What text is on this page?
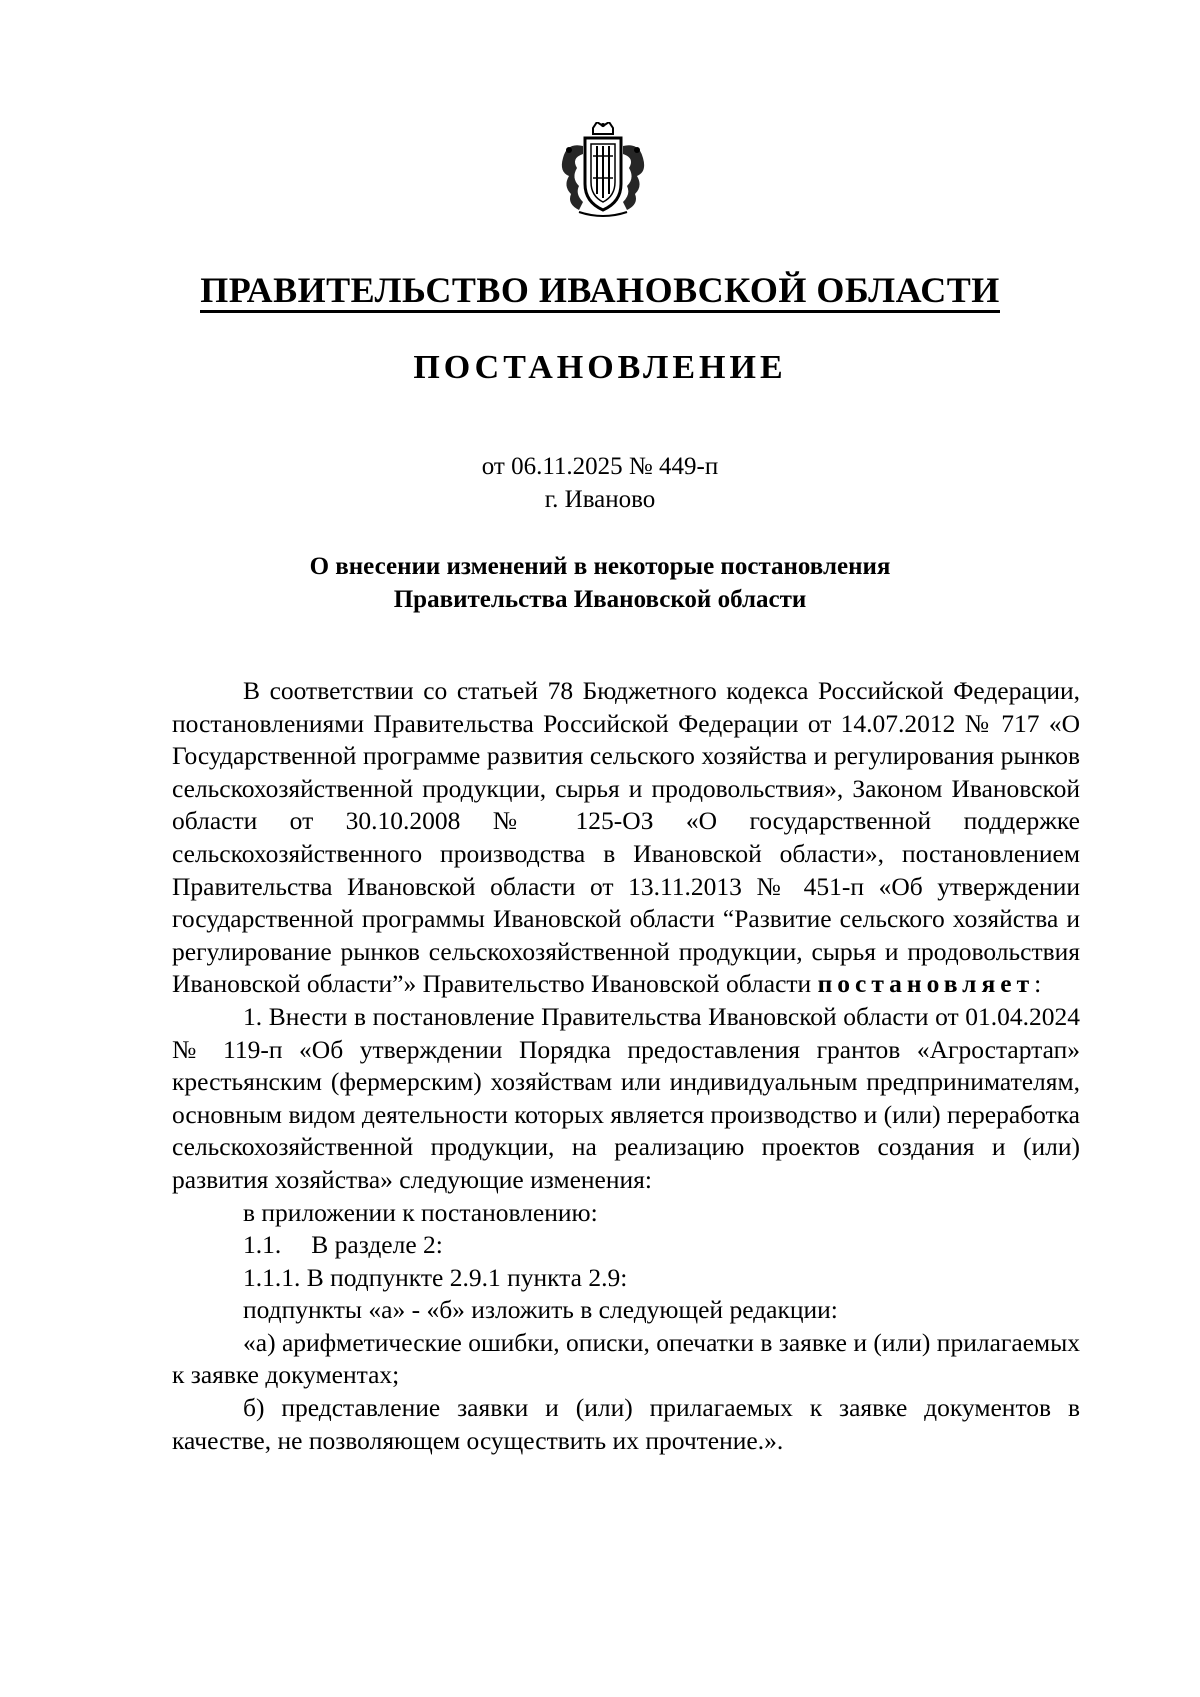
ПРАВИТЕЛЬСТВО ИВАНОВСКОЙ ОБЛАСТИ
ПОСТАНОВЛЕНИЕ
от 06.11.2025 № 449-п
г. Иваново
О внесении изменений в некоторые постановления
Правительства Ивановской области

В соответствии со статьей 78 Бюджетного кодекса Российской Федерации, постановлениями Правительства Российской Федерации от 14.07.2012 № 717 «О Государственной программе развития сельского хозяйства и регулирования рынков сельскохозяйственной продукции, сырья и продовольствия», Законом Ивановской области от 30.10.2008 № 125-ОЗ «О государственной поддержке сельскохозяйственного производства в Ивановской области», постановлением Правительства Ивановской области от 13.11.2013 № 451-п «Об утверждении государственной программы Ивановской области “Развитие сельского хозяйства и регулирование рынков сельскохозяйственной продукции, сырья и продовольствия Ивановской области”» Правительство Ивановской области постановляет:

1. Внести в постановление Правительства Ивановской области от 01.04.2024 № 119-п «Об утверждении Порядка предоставления грантов «Агростартап» крестьянским (фермерским) хозяйствам или индивидуальным предпринимателям, основным видом деятельности которых является производство и (или) переработка сельскохозяйственной продукции, на реализацию проектов создания и (или) развития хозяйства» следующие изменения:

в приложении к постановлению:

1.1. В разделе 2:

1.1.1. В подпункте 2.9.1 пункта 2.9:

подпункты «а» - «б» изложить в следующей редакции:

«а) арифметические ошибки, описки, опечатки в заявке и (или) прилагаемых к заявке документах;

б) представление заявки и (или) прилагаемых к заявке документов в качестве, не позволяющем осуществить их прочтение.».
